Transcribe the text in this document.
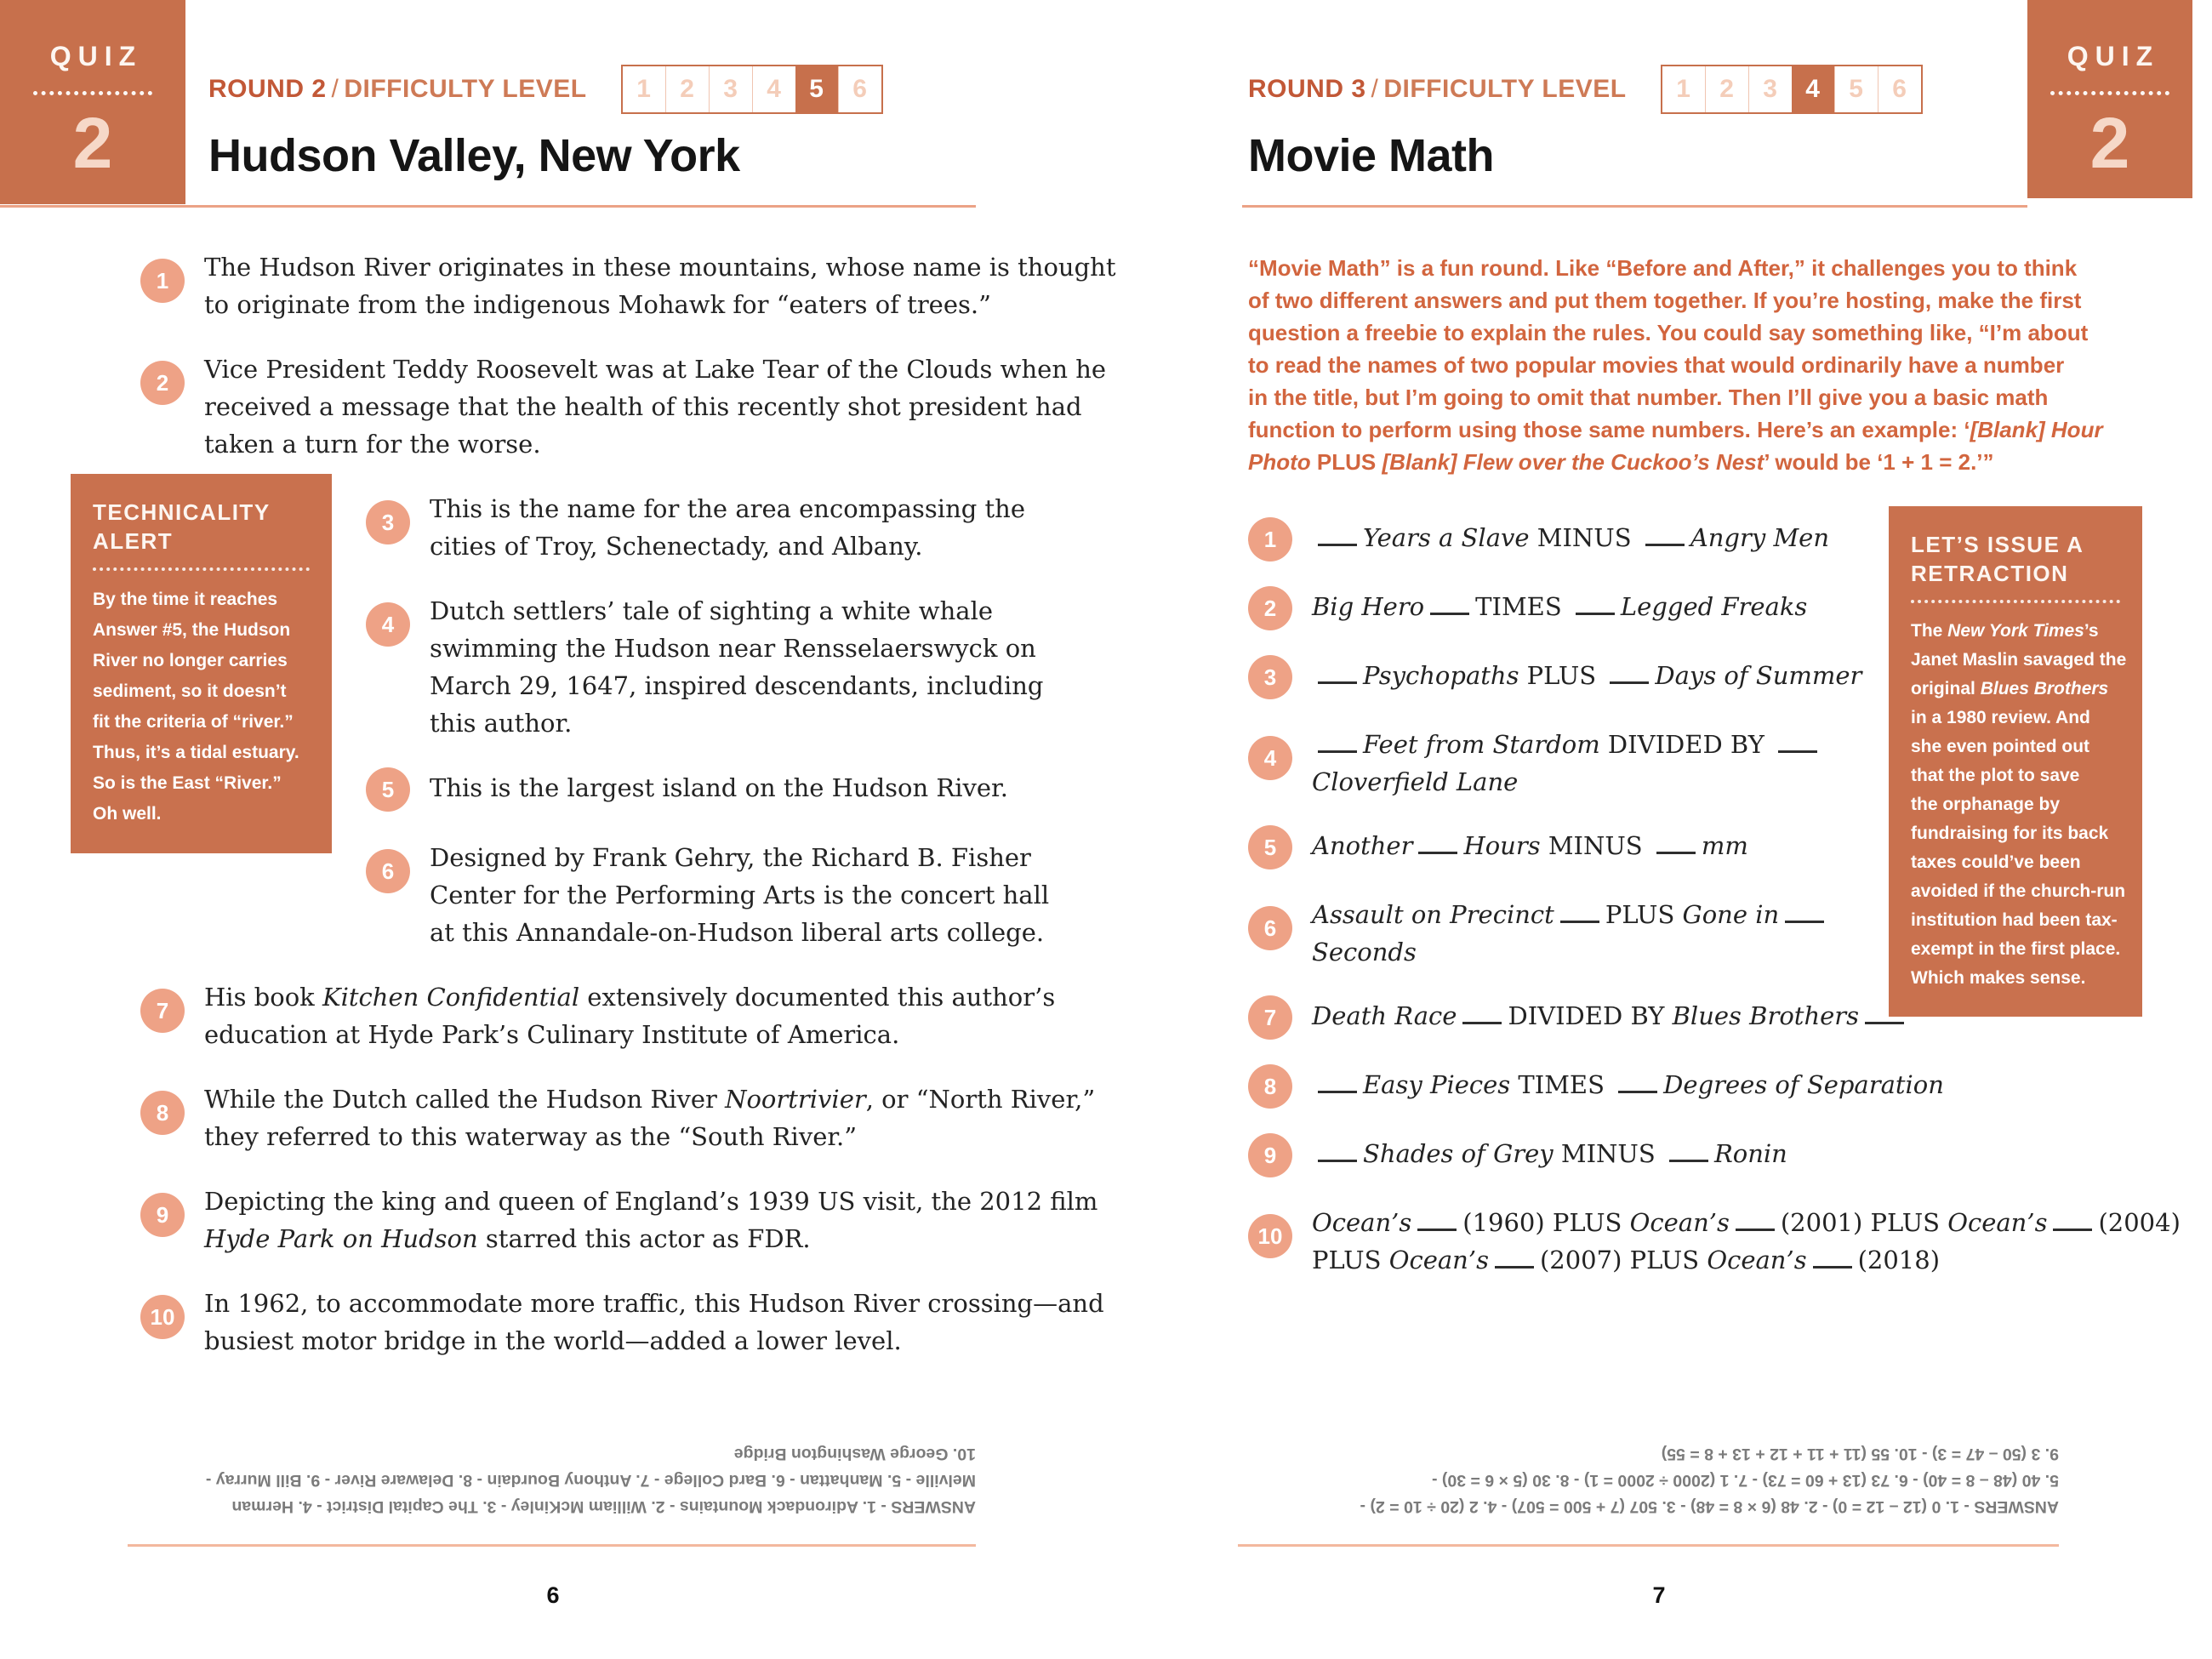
QUIZ
2
ROUND 2 / DIFFICULTY LEVEL	1	2	3	4	5	6
Hudson Valley, New York
TECHNICALITY
ALERT
By the time it reaches
Answer #5, the Hudson
River no longer carries
sediment, so it doesn’t
fit the criteria of “river.”
Thus, it’s a tidal estuary.
So is the East “River.”
Oh well.
1	The Hudson River originates in these mountains, whose name is thought
to originate from the indigenous Mohawk for “eaters of trees.”
2	Vice President Teddy Roosevelt was at Lake Tear of the Clouds when he
received a message that the health of this recently shot president had
taken a turn for the worse.
3	This is the name for the area encompassing the
cities of Troy, Schenectady, and Albany.
4	Dutch settlers’ tale of sighting a white whale
swimming the Hudson near Rensselaerswyck on
March 29, 1647, inspired descendants, including
this author.
5	This is the largest island on the Hudson River.
6	Designed by Frank Gehry, the Richard B. Fisher
Center for the Performing Arts is the concert hall
at this Annandale-on-Hudson liberal arts college.
7	His book Kitchen Confidential extensively documented this author’s
education at Hyde Park’s Culinary Institute of America.
8	While the Dutch called the Hudson River Noortrivier, or “North River,”
they referred to this waterway as the “South River.”
9	Depicting the king and queen of England’s 1939 US visit, the 2012 film
Hyde Park on Hudson starred this actor as FDR.
10	In 1962, to accommodate more traffic, this Hudson River crossing—and
busiest motor bridge in the world—added a lower level.
ANSWERS - 1. Adirondack Mountains - 2. William McKinley - 3. The Capital District - 4. Herman
Melville - 5. Manhattan - 6. Bard College - 7. Anthony Bourdain - 8. Delaware River - 9. Bill Murray -
10. George Washington Bridge
6
QUIZ
2
ROUND 3 / DIFFICULTY LEVEL	1	2	3	4	5	6
Movie Math
“Movie Math” is a fun round. Like “Before and After,” it challenges you to think
of two different answers and put them together. If you’re hosting, make the first
question a freebie to explain the rules. You could say something like, “I’m about
to read the names of two popular movies that would ordinarily have a number
in the title, but I’m going to omit that number. Then I’ll give you a basic math
function to perform using those same numbers. Here’s an example: ‘[Blank] Hour
Photo PLUS [Blank] Flew over the Cuckoo’s Nest’ would be ‘1 + 1 = 2.’”
LET’S ISSUE A
RETRACTION
The New York Times’s
Janet Maslin savaged the
original Blues Brothers
in a 1980 review. And
she even pointed out
that the plot to save
the orphanage by
fundraising for its back
taxes could’ve been
avoided if the church-run
institution had been tax-
exempt in the first place.
Which makes sense.
1	Years a Slave MINUS Angry Men
2	Big Hero TIMES Legged Freaks
3	Psychopaths PLUS Days of Summer
4	Feet from Stardom DIVIDED BY
Cloverfield Lane
5	Another Hours MINUS mm
6	Assault on Precinct PLUS Gone in
Seconds
7	Death Race DIVIDED BY Blues Brothers
8	Easy Pieces TIMES Degrees of Separation
9	Shades of Grey MINUS Ronin
10	Ocean’s (1960) PLUS Ocean’s (2001) PLUS Ocean’s (2004)
PLUS Ocean’s (2007) PLUS Ocean’s (2018)
ANSWERS - 1. 0 (12 – 12 = 0) - 2. 48 (6 × 8 = 48) - 3. 507 (7 + 500 = 507) - 4. 2 (20 ÷ 10 = 2) -
5. 40 (48 – 8 = 40) - 6. 73 (13 + 60 = 73) - 7. 1 (2000 ÷ 2000 = 1) - 8. 30 (5 × 6 = 30) -
9. 3 (50 – 47 = 3) - 10. 55 (11 + 11 + 12 + 13 + 8 = 55)
7
